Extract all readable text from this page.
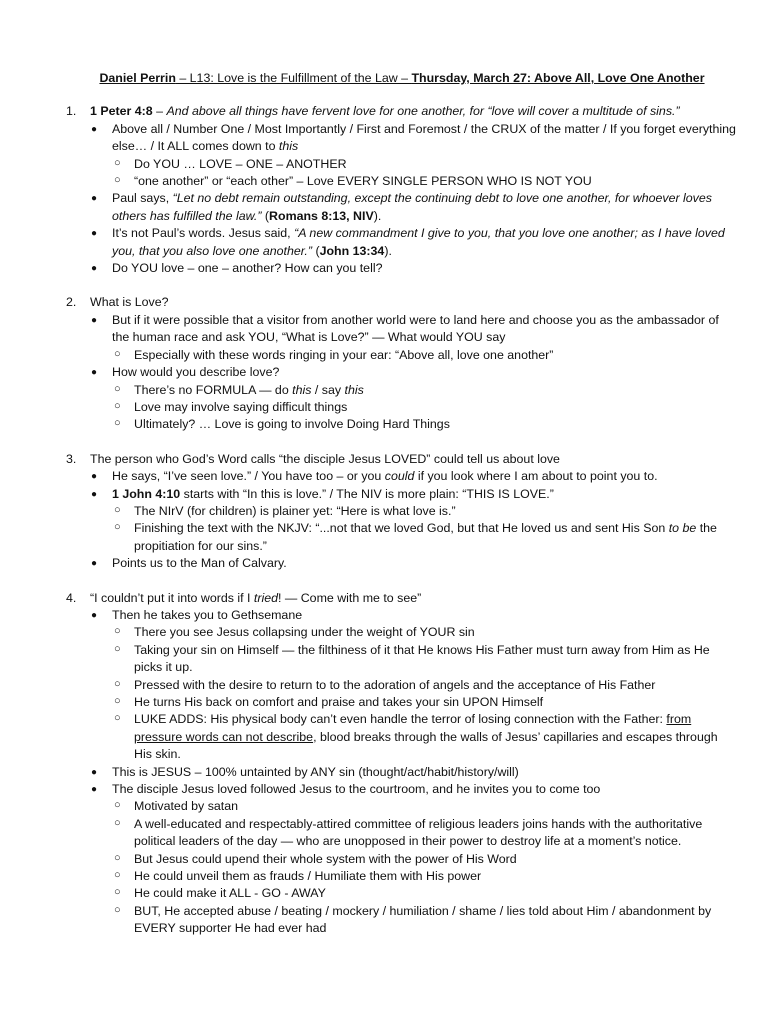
Daniel Perrin – L13: Love is the Fulfillment of the Law – Thursday, March 27: Above All, Love One Another
1. 1 Peter 4:8 – And above all things have fervent love for one another, for “love will cover a multitude of sins.”
● Above all / Number One / Most Importantly / First and Foremost / the CRUX of the matter / If you forget everything else… / It ALL comes down to this
○ Do YOU … LOVE – ONE – ANOTHER
○ “one another” or “each other” – Love EVERY SINGLE PERSON WHO IS NOT YOU
● Paul says, “Let no debt remain outstanding, except the continuing debt to love one another, for whoever loves others has fulfilled the law.” (Romans 8:13, NIV).
● It’s not Paul’s words. Jesus said, “A new commandment I give to you, that you love one another; as I have loved you, that you also love one another.” (John 13:34).
● Do YOU love – one – another? How can you tell?
2. What is Love?
● But if it were possible that a visitor from another world were to land here and choose you as the ambassador of the human race and ask YOU, “What is Love?” — What would YOU say
○ Especially with these words ringing in your ear: “Above all, love one another”
● How would you describe love?
○ There’s no FORMULA — do this / say this
○ Love may involve saying difficult things
○ Ultimately? … Love is going to involve Doing Hard Things
3. The person who God’s Word calls “the disciple Jesus LOVED” could tell us about love
● He says, “I’ve seen love.” / You have too – or you could if you look where I am about to point you to.
● 1 John 4:10 starts with “In this is love.” / The NIV is more plain: “THIS IS LOVE.”
○ The NIrV (for children) is plainer yet: “Here is what love is.”
○ Finishing the text with the NKJV: “...not that we loved God, but that He loved us and sent His Son to be the propitiation for our sins.”
● Points us to the Man of Calvary.
4. “I couldn’t put it into words if I tried! — Come with me to see”
● Then he takes you to Gethsemane
○ There you see Jesus collapsing under the weight of YOUR sin
○ Taking your sin on Himself — the filthiness of it that He knows His Father must turn away from Him as He picks it up.
○ Pressed with the desire to return to to the adoration of angels and the acceptance of His Father
○ He turns His back on comfort and praise and takes your sin UPON Himself
○ LUKE ADDS: His physical body can’t even handle the terror of losing connection with the Father: from pressure words can not describe, blood breaks through the walls of Jesus’ capillaries and escapes through His skin.
● This is JESUS – 100% untainted by ANY sin (thought/act/habit/history/will)
● The disciple Jesus loved followed Jesus to the courtroom, and he invites you to come too
○ Motivated by satan
○ A well-educated and respectably-attired committee of religious leaders joins hands with the authoritative political leaders of the day — who are unopposed in their power to destroy life at a moment’s notice.
○ But Jesus could upend their whole system with the power of His Word
○ He could unveil them as frauds / Humiliate them with His power
○ He could make it ALL - GO - AWAY
○ BUT, He accepted abuse / beating / mockery / humiliation / shame / lies told about Him / abandonment by EVERY supporter He had ever had
